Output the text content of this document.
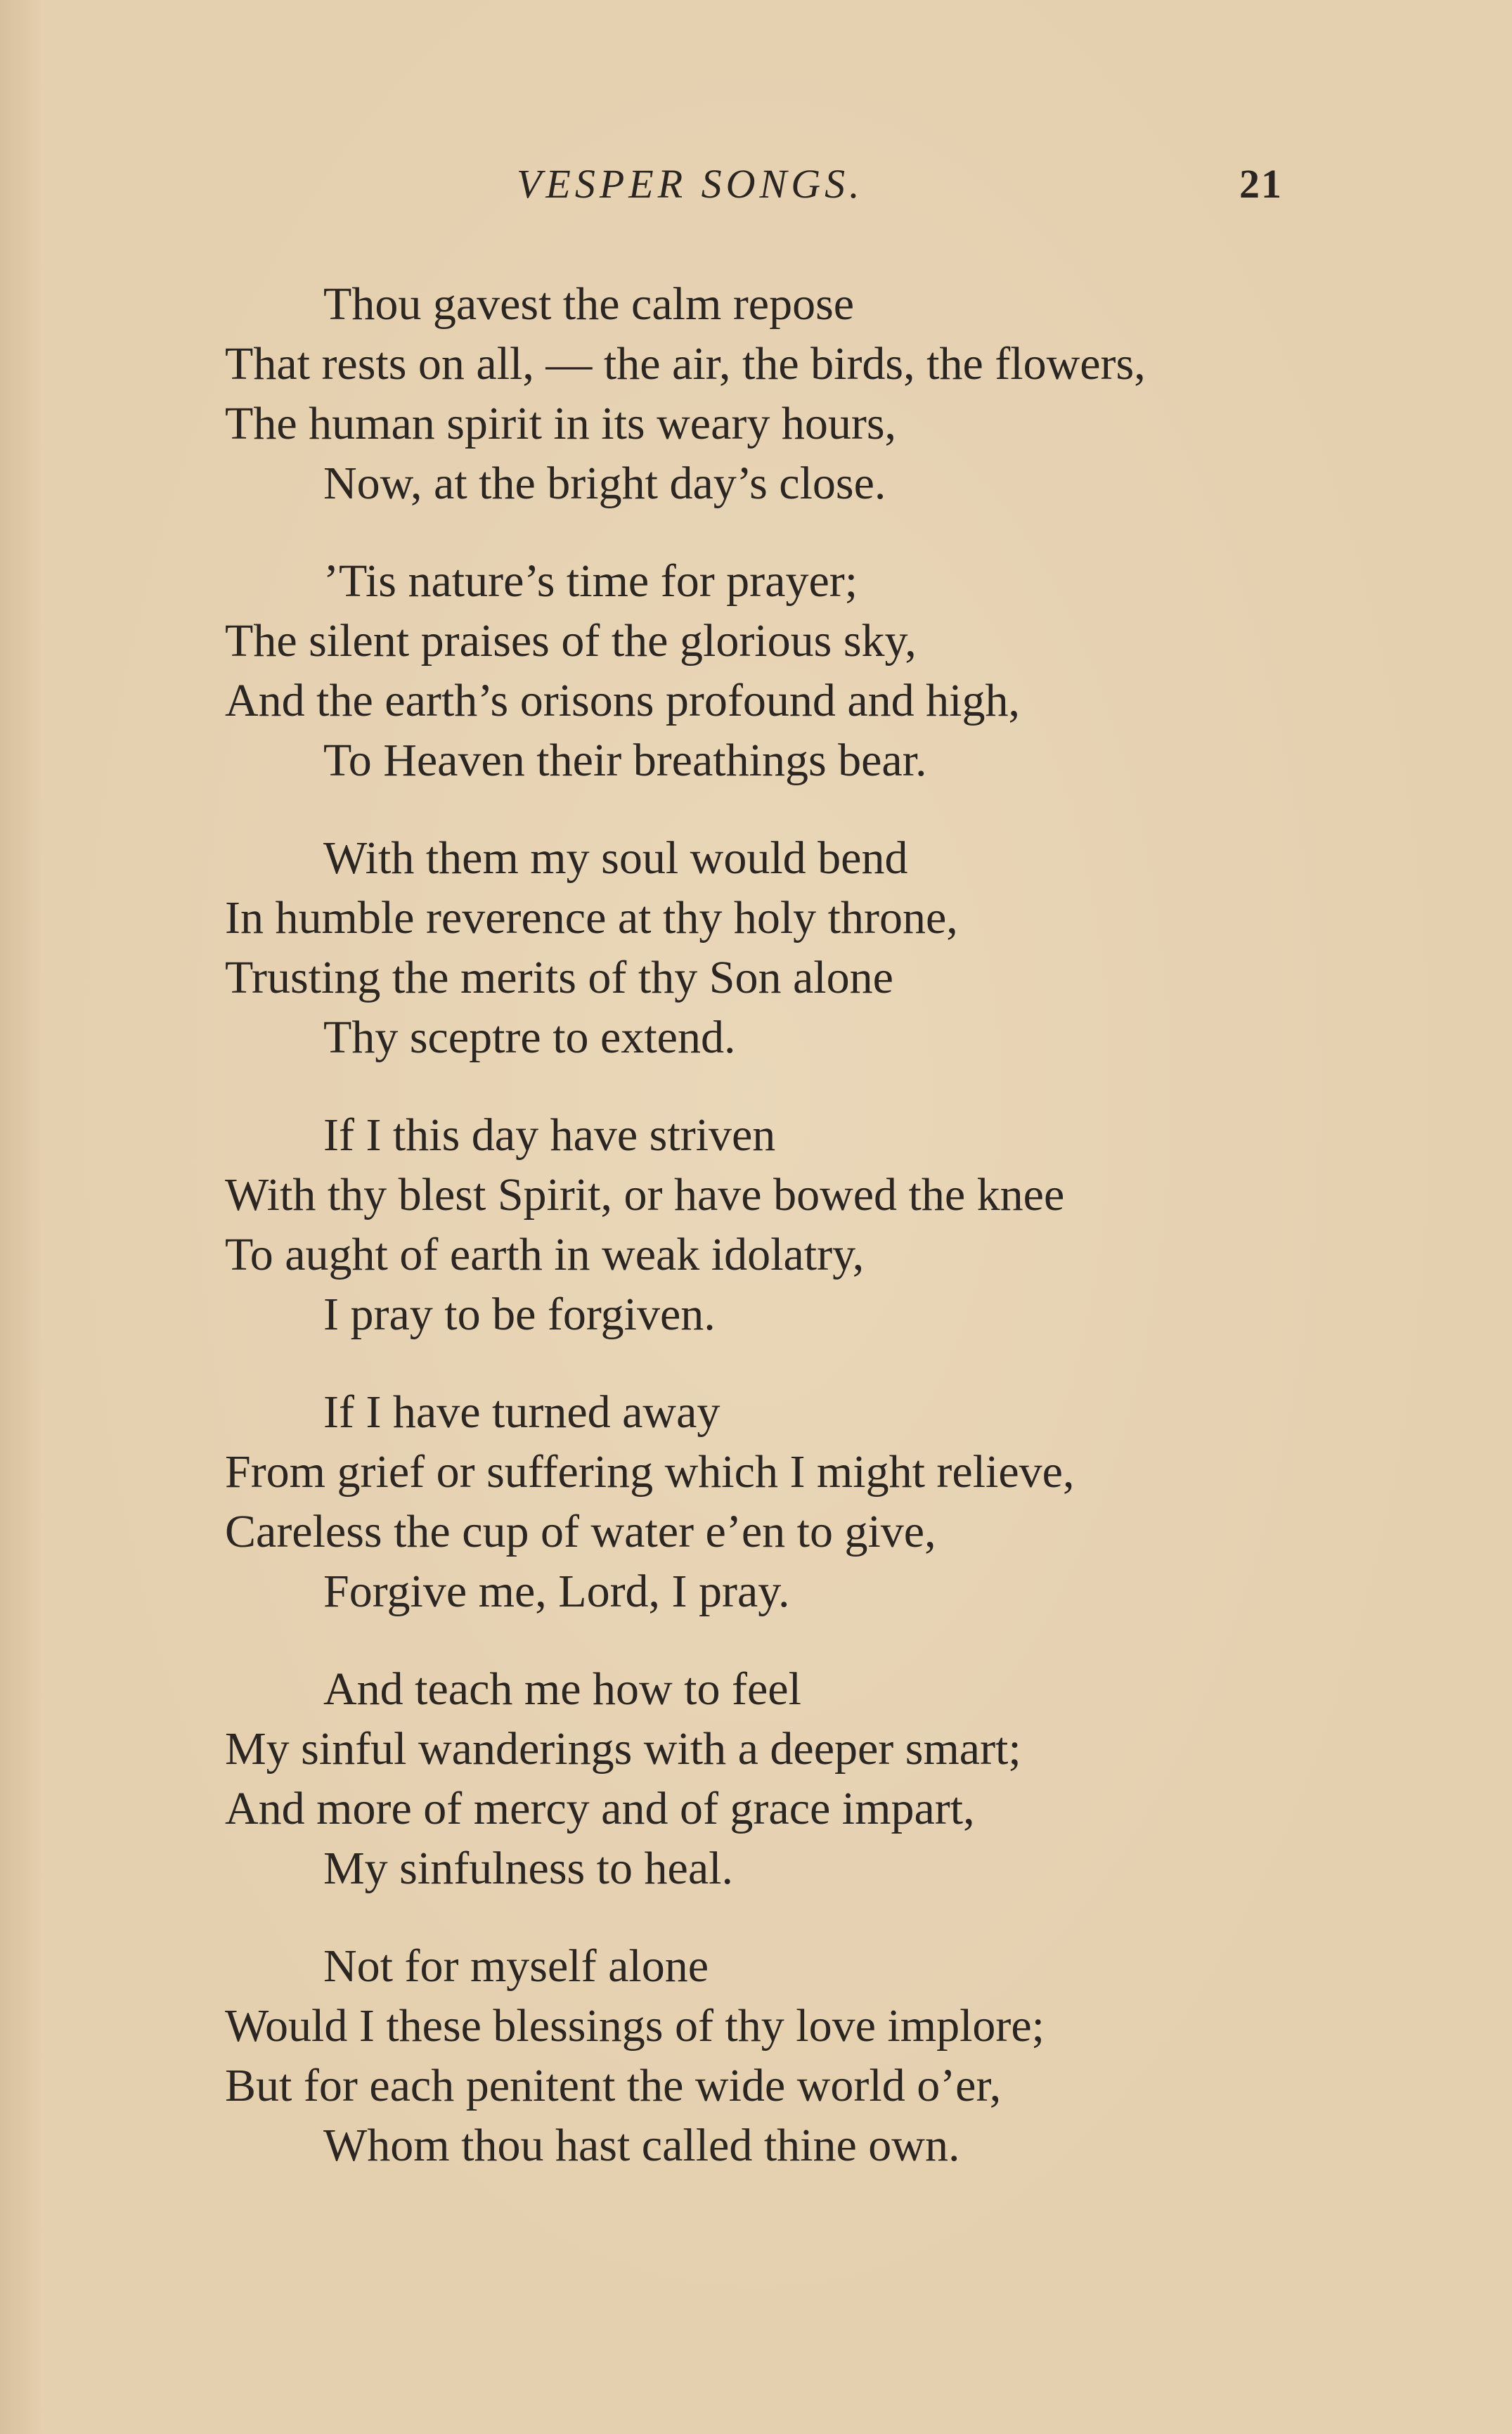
VESPER SONGS.	21
Thou gavest the calm repose
That rests on all, — the air, the birds, the flowers,
The human spirit in its weary hours,
Now, at the bright day’s close.
’Tis nature’s time for prayer;
The silent praises of the glorious sky,
And the earth’s orisons profound and high,
To Heaven their breathings bear.
With them my soul would bend
In humble reverence at thy holy throne,
Trusting the merits of thy Son alone
Thy sceptre to extend.
If I this day have striven
With thy blest Spirit, or have bowed the knee
To aught of earth in weak idolatry,
I pray to be forgiven.
If I have turned away
From grief or suffering which I might relieve,
Careless the cup of water e’en to give,
Forgive me, Lord, I pray.
And teach me how to feel
My sinful wanderings with a deeper smart;
And more of mercy and of grace impart,
My sinfulness to heal.
Not for myself alone
Would I these blessings of thy love implore;
But for each penitent the wide world o’er,
Whom thou hast called thine own.
